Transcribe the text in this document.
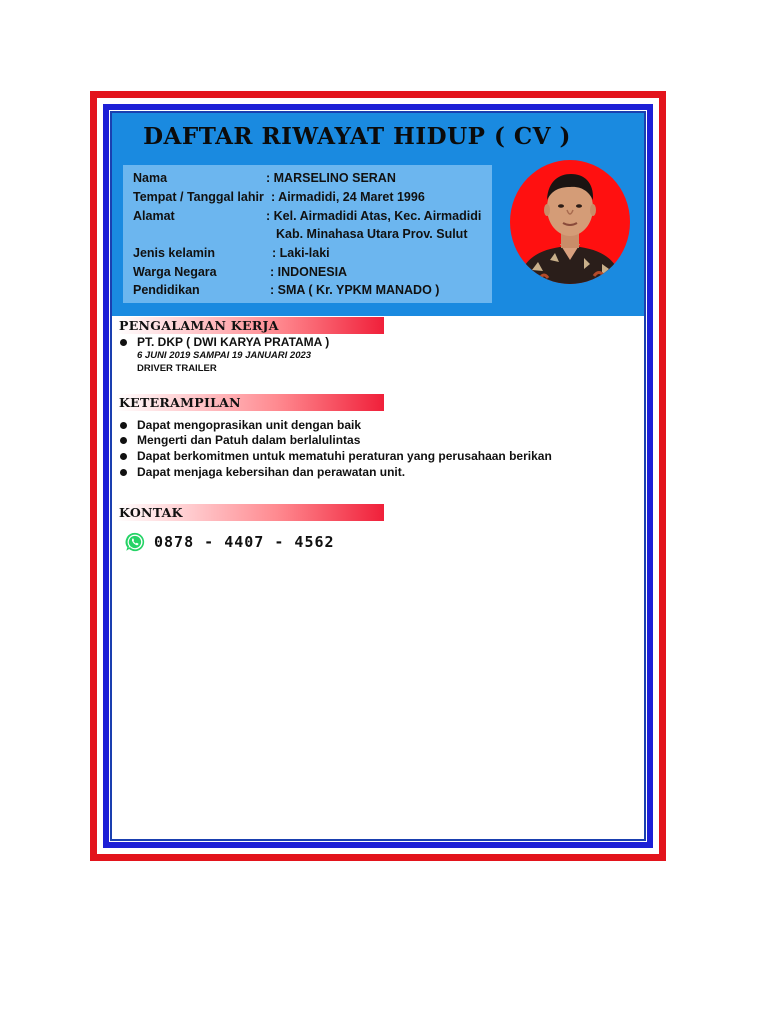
DAFTAR RIWAYAT HIDUP ( CV )
Nama	: MARSELINO SERAN
Tempat / Tanggal lahir : Airmadidi, 24 Maret 1996
Alamat	: Kel. Airmadidi Atas, Kec. Airmadidi
Kab. Minahasa Utara Prov. Sulut
Jenis kelamin	: Laki-laki
Warga Negara	: INDONESIA
Pendidikan	: SMA ( Kr. YPKM MANADO )
PENGALAMAN KERJA
PT. DKP ( DWI KARYA PRATAMA )
6 JUNI 2019 SAMPAI 19 JANUARI 2023
DRIVER TRAILER
KETERAMPILAN
Dapat mengoprasikan unit dengan baik
Mengerti dan Patuh dalam berlalulintas
Dapat berkomitmen untuk mematuhi peraturan yang perusahaan berikan
Dapat menjaga kebersihan dan perawatan unit.
KONTAK
0878 - 4407 - 4562
